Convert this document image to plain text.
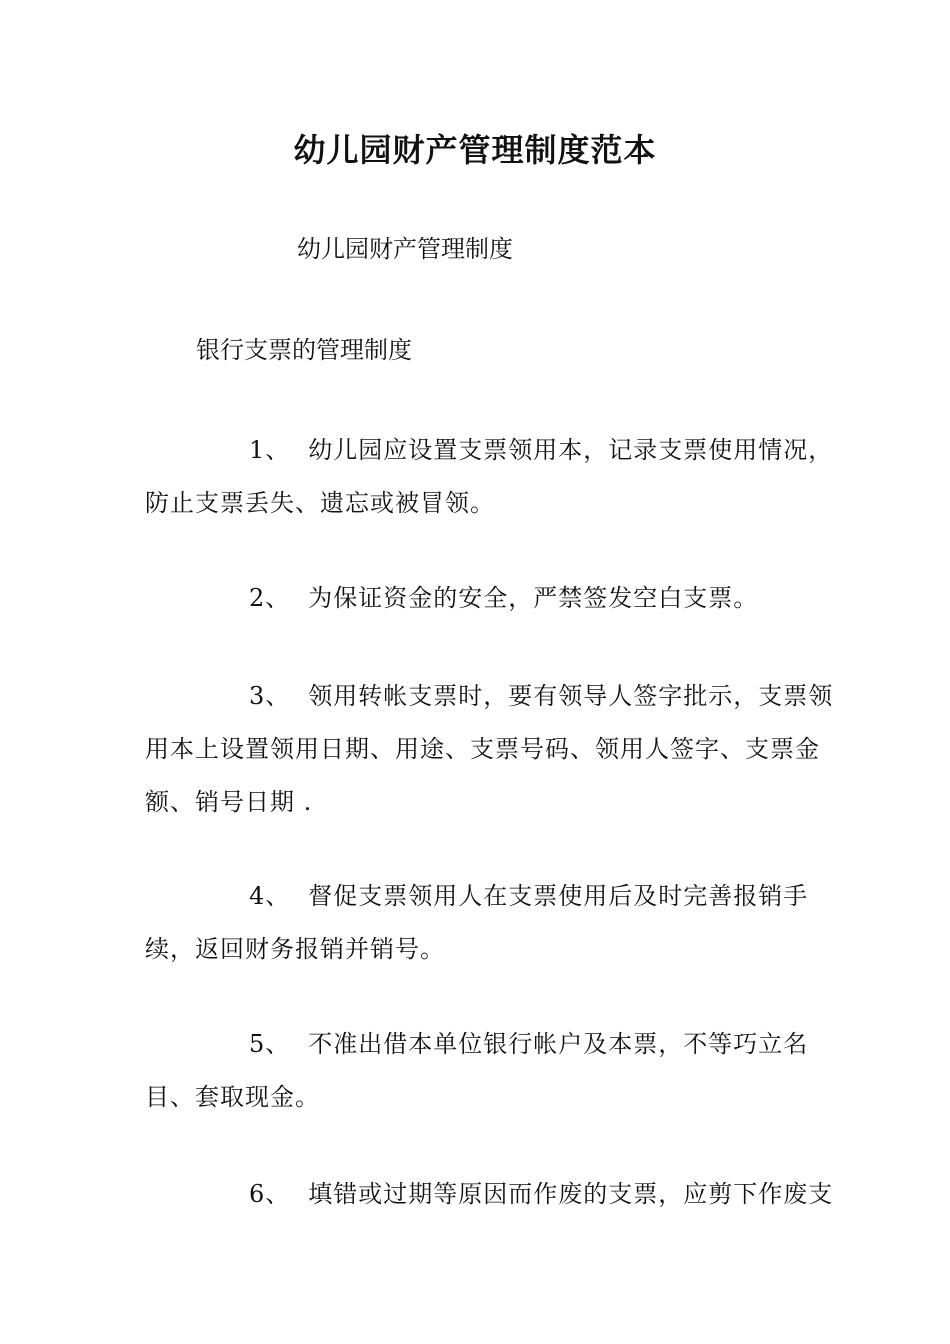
幼儿园财产管理制度范本

幼儿园财产管理制度

银行支票的管理制度

1、 幼儿园应设置支票领用本，记录支票使用情况，防止支票丢失、遗忘或被冒领。

2、 为保证资金的安全，严禁签发空白支票。

3、 领用转帐支票时，要有领导人签字批示，支票领用本上设置领用日期、用途、支票号码、领用人签字、支票金额、销号日期 .

4、 督促支票领用人在支票使用后及时完善报销手续，返回财务报销并销号。

5、 不准出借本单位银行帐户及本票，不等巧立名目、套取现金。

6、 填错或过期等原因而作废的支票，应剪下作废支
